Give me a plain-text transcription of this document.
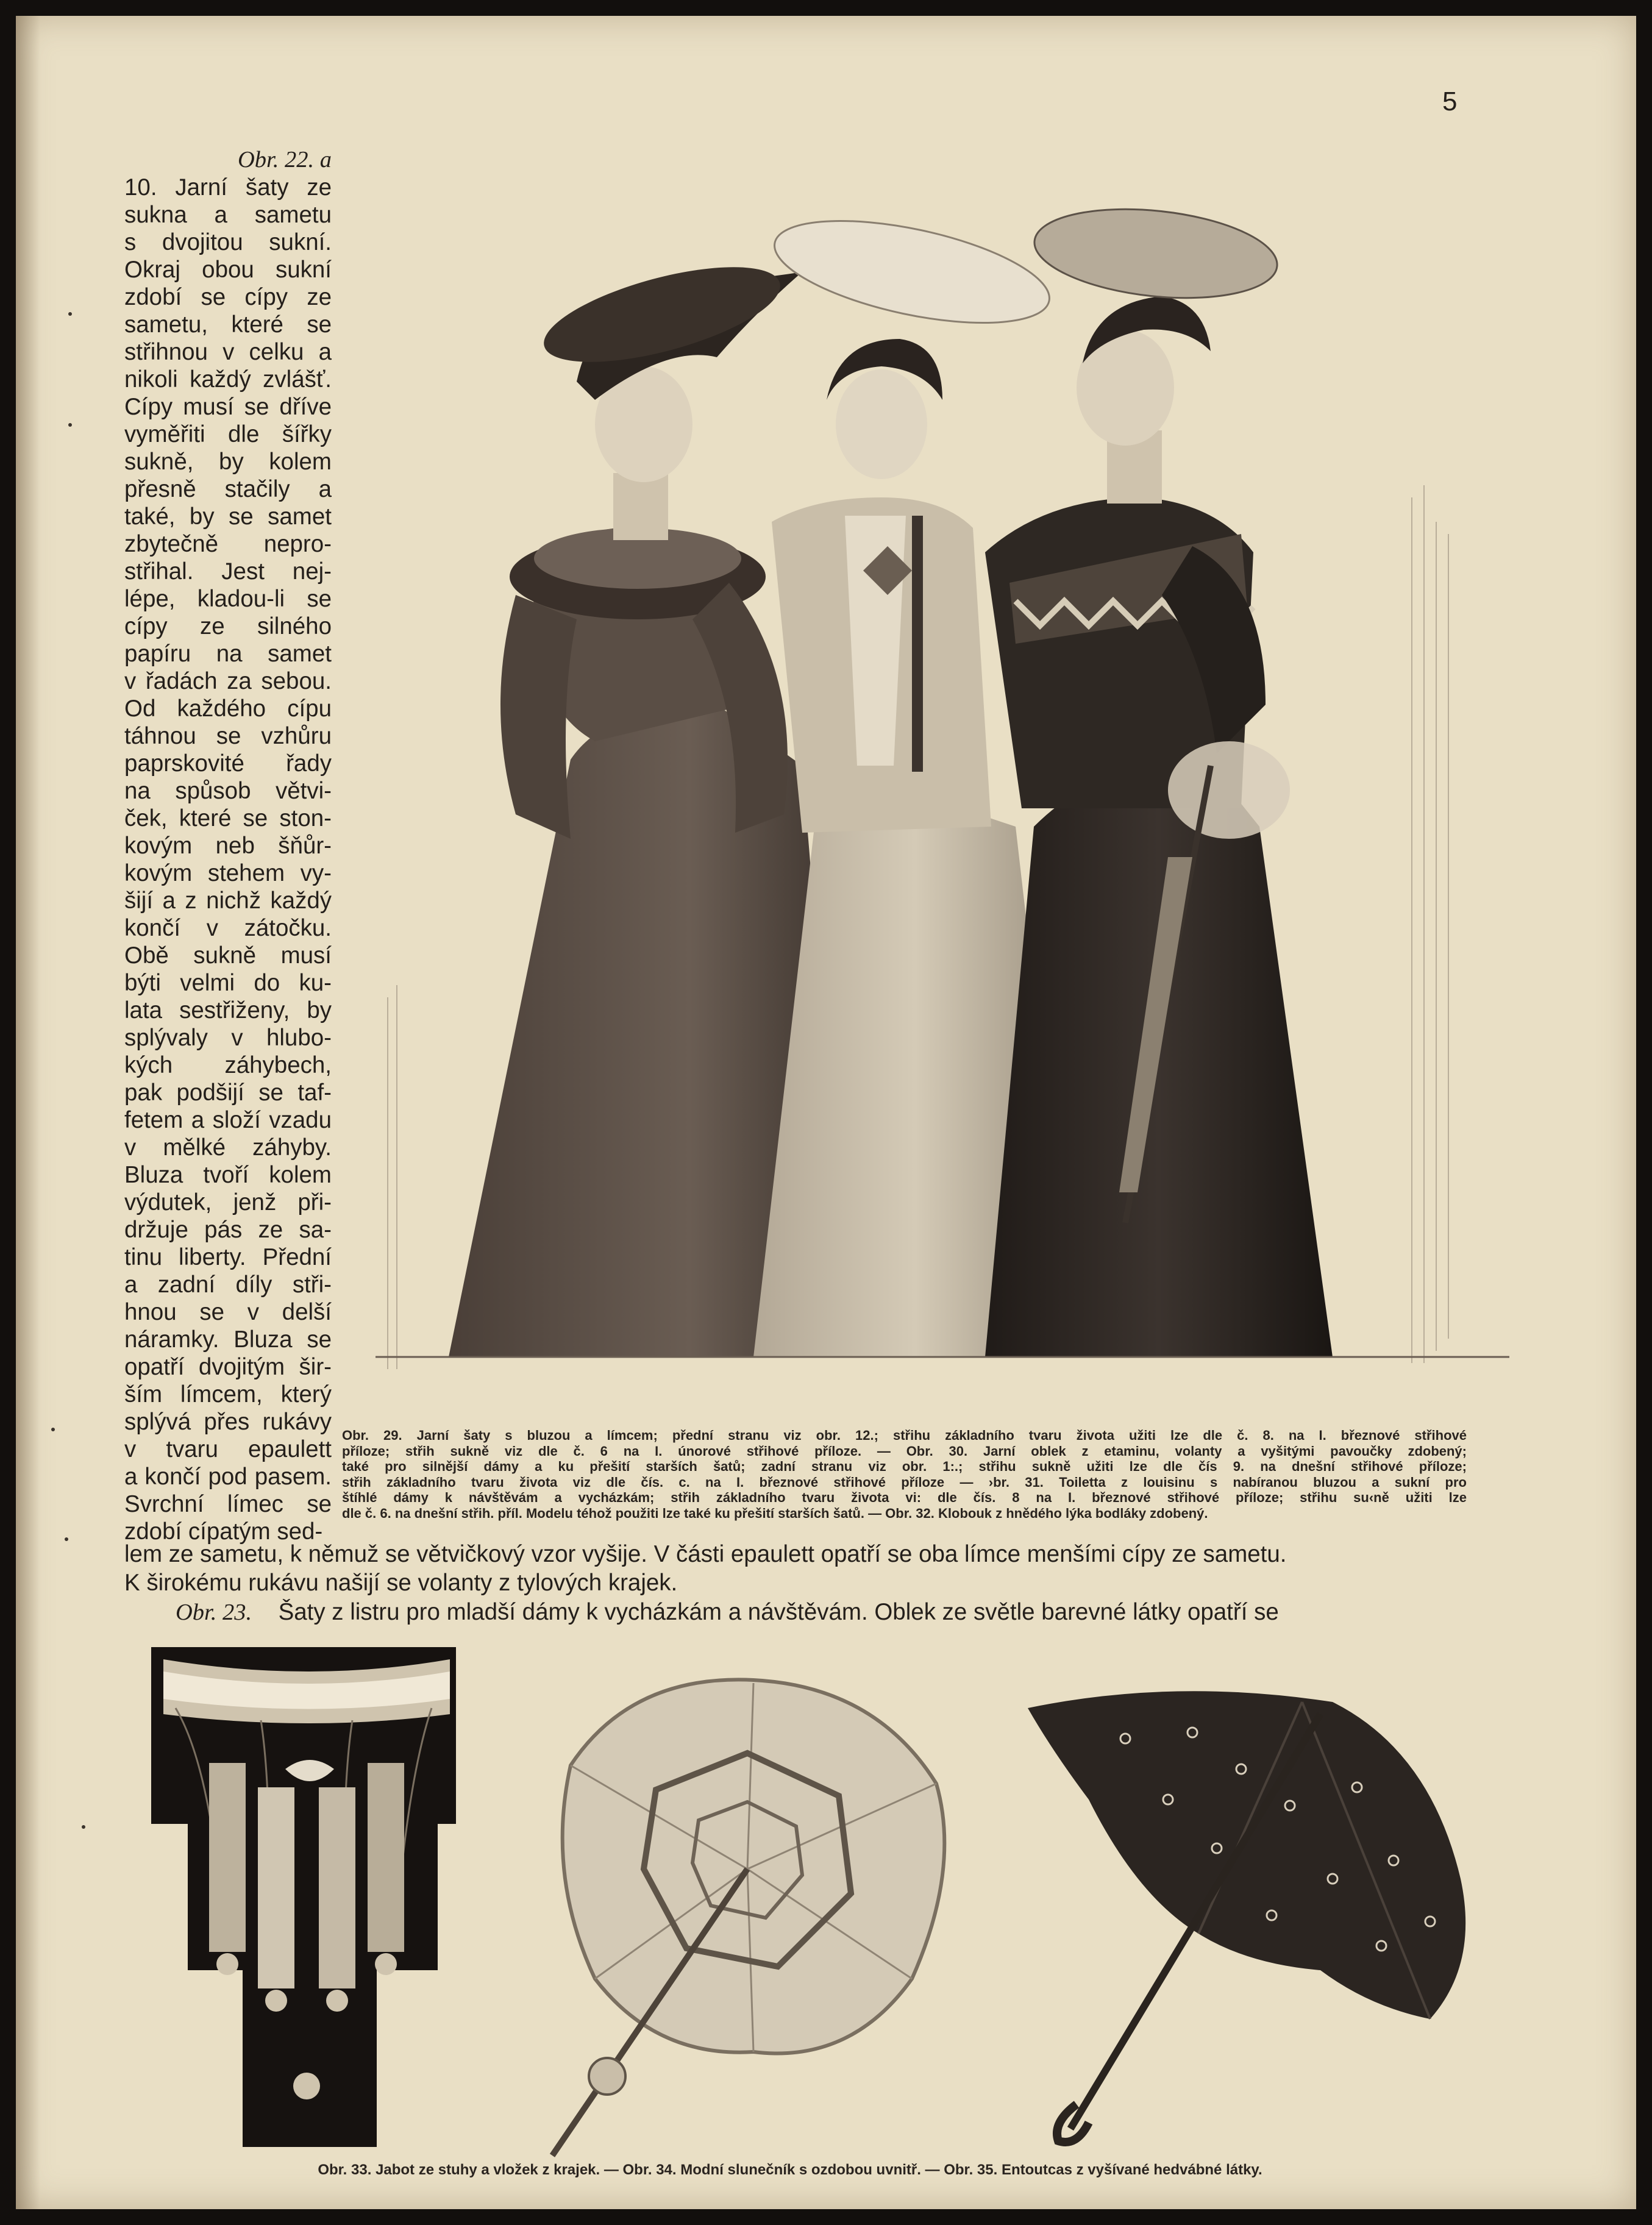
5
Obr. 22. a
10. Jarní šaty ze
sukna a sametu
s dvojitou sukní.
Okraj obou sukní
zdobí se cípy ze
sametu, které se
střihnou v celku a
nikoli každý zvlášť.
Cípy musí se dříve
vyměřiti dle šířky
sukně, by kolem
přesně stačily a
také, by se samet
zbytečně nepro-
střihal. Jest nej-
lépe, kladou-li se
cípy ze silného
papíru na samet
v řadách za sebou.
Od každého cípu
táhnou se vzhůru
paprskovité řady
na spůsob větvi-
ček, které se ston-
kovým neb šňůr-
kovým stehem vy-
šijí a z nichž každý
končí v zátočku.
Obě sukně musí
býti velmi do ku-
lata sestřiženy, by
splývaly v hlubo-
kých záhybech,
pak podšijí se taf-
fetem a složí vzadu
v mělké záhyby.
Bluza tvoří kolem
výdutek, jenž při-
držuje pás ze sa-
tinu liberty. Přední
a zadní díly stři-
hnou se v delší
náramky. Bluza se
opatří dvojitým šir-
ším límcem, který
splývá přes rukávy
v tvaru epaulett
a končí pod pasem.
Svrchní límec se
zdobí cípatým sed-
Obr. 29. Jarní šaty s bluzou a límcem; přední stranu viz obr. 12.; střihu základního tvaru života užiti lze dle č. 8. na I. březnové střihové
příloze; střih sukně viz dle č. 6 na I. únorové střihové příloze. — Obr. 30. Jarní oblek z etaminu, volanty a vyšitými pavoučky zdobený;
také pro silnější dámy a ku přešití starších šatů; zadní stranu viz obr. 1:.; střihu sukně užiti lze dle čís 9. na dnešní střihové příloze;
střih základního tvaru života viz dle čís. c. na I. březnové střihové příloze — ›br. 31. Toiletta z louisinu s nabíranou bluzou a sukní pro
štíhlé dámy k návštěvám a vycházkám; střih základního tvaru života vi: dle čís. 8 na I. březnové střihové příloze; střihu su‹ně užiti lze
dle č. 6. na dnešní střih. příl. Modelu téhož použiti lze také ku přešití starších šatů. — Obr. 32. Klobouk z hnědého lýka bodláky zdobený.
lem ze sametu, k němuž se větvičkový vzor vyšije. V části epaulett opatří se oba límce menšími cípy ze sametu.
K širokému rukávu našijí se volanty z tylových krajek.
Obr. 23. Šaty z listru pro mladší dámy k vycházkám a návštěvám. Oblek ze světle barevné látky opatří se
Obr. 33. Jabot ze stuhy a vložek z krajek. — Obr. 34. Modní slunečník s ozdobou uvnitř. — Obr. 35. Entoutcas z vyšívané hedvábné látky.
